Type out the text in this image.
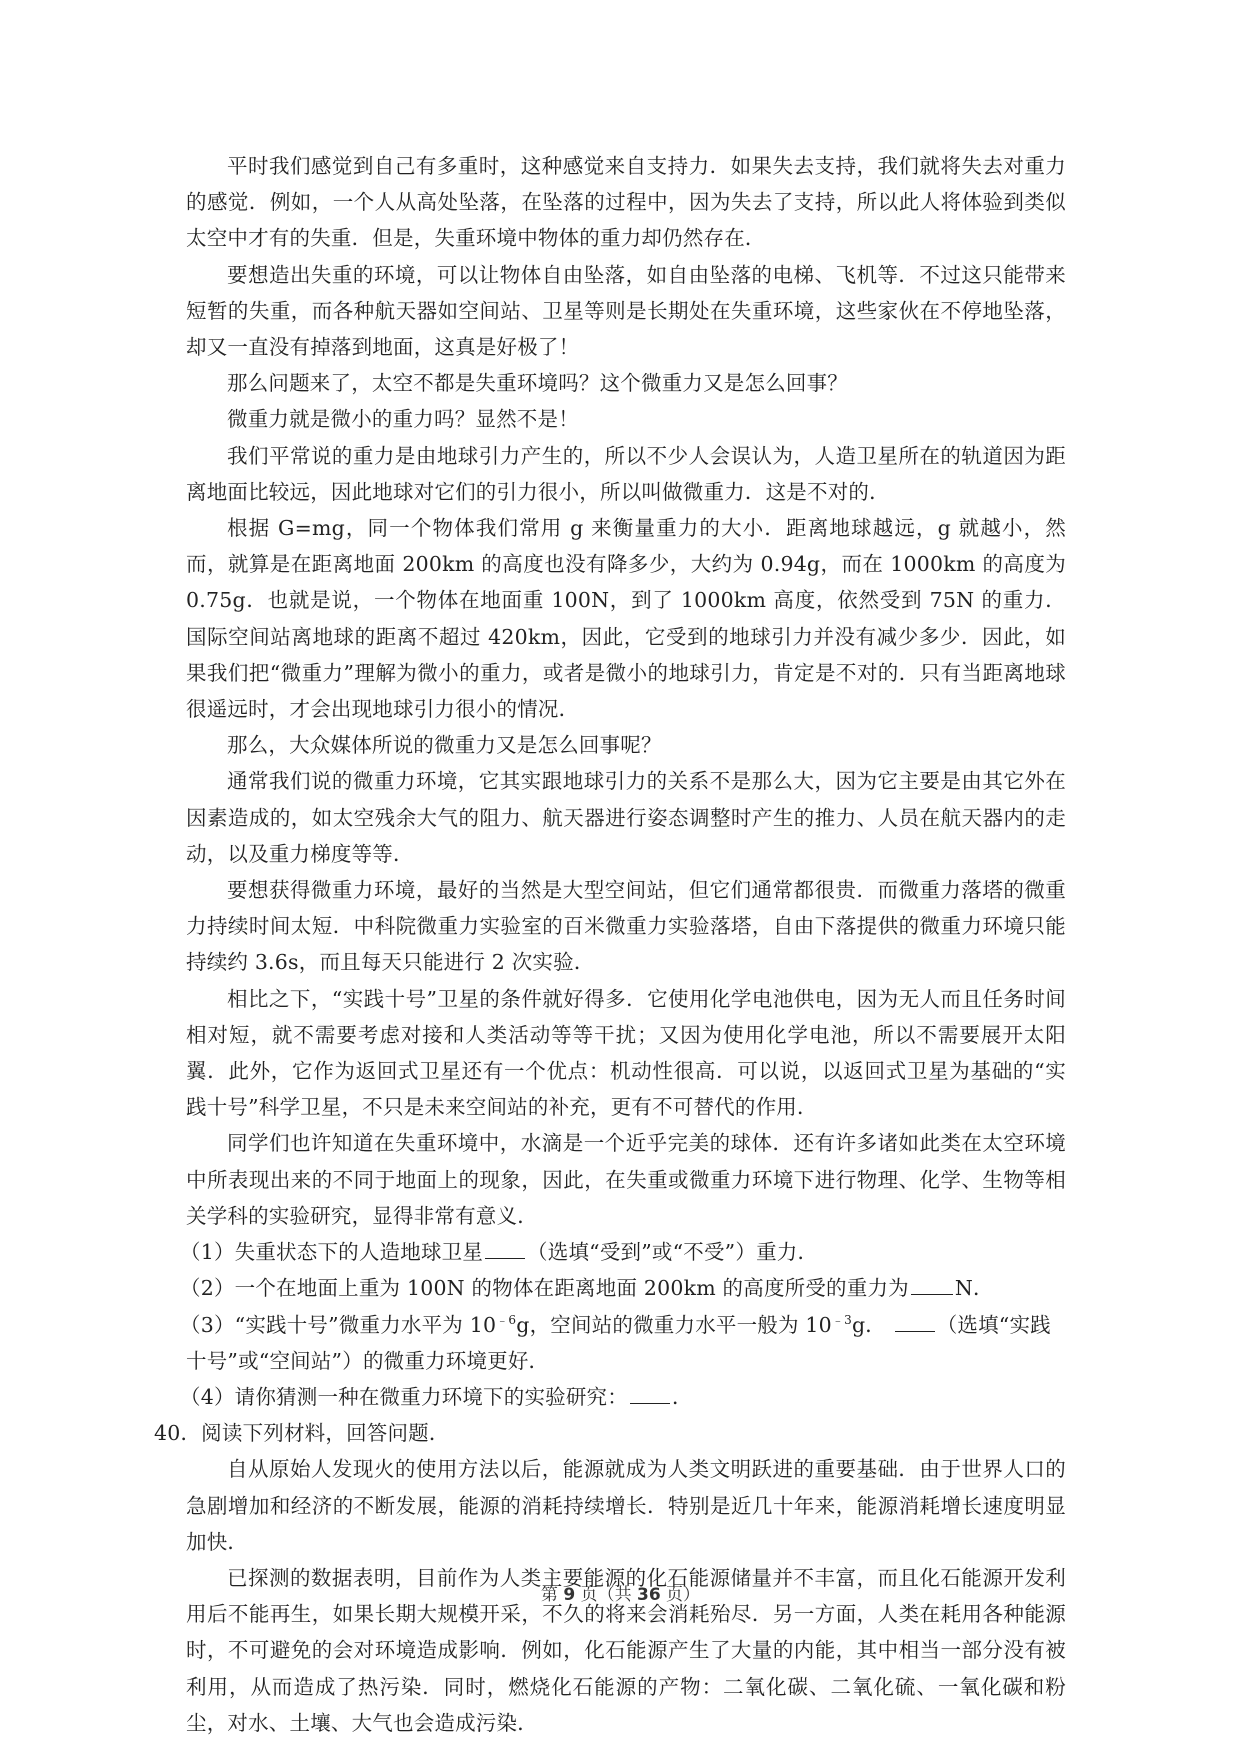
平时我们感觉到自己有多重时，这种感觉来自支持力．如果失去支持，我们就将失去对重力的感觉．例如，一个人从高处坠落，在坠落的过程中，因为失去了支持，所以此人将体验到类似太空中才有的失重．但是，失重环境中物体的重力却仍然存在．

要想造出失重的环境，可以让物体自由坠落，如自由坠落的电梯、飞机等．不过这只能带来短暂的失重，而各种航天器如空间站、卫星等则是长期处在失重环境，这些家伙在不停地坠落，却又一直没有掉落到地面，这真是好极了！

那么问题来了，太空不都是失重环境吗？这个微重力又是怎么回事？

微重力就是微小的重力吗？显然不是！

我们平常说的重力是由地球引力产生的，所以不少人会误认为，人造卫星所在的轨道因为距离地面比较远，因此地球对它们的引力很小，所以叫做微重力．这是不对的．

根据 G=mg，同一个物体我们常用 g 来衡量重力的大小．距离地球越远，g 就越小，然而，就算是在距离地面 200km 的高度也没有降多少，大约为 0.94g，而在 1000km 的高度为 0.75g．也就是说，一个物体在地面重 100N，到了 1000km 高度，依然受到 75N 的重力．国际空间站离地球的距离不超过 420km，因此，它受到的地球引力并没有减少多少．因此，如果我们把“微重力”理解为微小的重力，或者是微小的地球引力，肯定是不对的．只有当距离地球很遥远时，才会出现地球引力很小的情况．

那么，大众媒体所说的微重力又是怎么回事呢？

通常我们说的微重力环境，它其实跟地球引力的关系不是那么大，因为它主要是由其它外在因素造成的，如太空残余大气的阻力、航天器进行姿态调整时产生的推力、人员在航天器内的走动，以及重力梯度等等．

要想获得微重力环境，最好的当然是大型空间站，但它们通常都很贵．而微重力落塔的微重力持续时间太短．中科院微重力实验室的百米微重力实验落塔，自由下落提供的微重力环境只能持续约 3.6s，而且每天只能进行 2 次实验．

相比之下，“实践十号”卫星的条件就好得多．它使用化学电池供电，因为无人而且任务时间相对短，就不需要考虑对接和人类活动等等干扰；又因为使用化学电池，所以不需要展开太阳翼．此外，它作为返回式卫星还有一个优点：机动性很高．可以说，以返回式卫星为基础的“实践十号”科学卫星，不只是未来空间站的补充，更有不可替代的作用．

同学们也许知道在失重环境中，水滴是一个近乎完美的球体．还有许多诸如此类在太空环境中所表现出来的不同于地面上的现象，因此，在失重或微重力环境下进行物理、化学、生物等相关学科的实验研究，显得非常有意义．

（1）失重状态下的人造地球卫星 （选填“受到”或“不受”）重力．

（2）一个在地面上重为 100N 的物体在距离地面 200km 的高度所受的重力为 N．

（3）“实践十号”微重力水平为 $10^{﹣6}g$，空间站的微重力水平一般为 $10^{﹣3}g$． （选填“实践十号”或“空间站”）的微重力环境更好．

（4）请你猜测一种在微重力环境下的实验研究： ．

40．阅读下列材料，回答问题．

自从原始人发现火的使用方法以后，能源就成为人类文明跃进的重要基础．由于世界人口的急剧增加和经济的不断发展，能源的消耗持续增长．特别是近几十年来，能源消耗增长速度明显加快．

已探测的数据表明，目前作为人类主要能源的化石能源储量并不丰富，而且化石能源开发利用后不能再生，如果长期大规模开采，不久的将来会消耗殆尽．另一方面，人类在耗用各种能源时，不可避免的会对环境造成影响．例如，化石能源产生了大量的内能，其中相当一部分没有被利用，从而造成了热污染．同时，燃烧化石能源的产物：二氧化碳、二氧化硫、一氧化碳和粉尘，对水、土壤、大气也会造成污染．

第 9 页（共 36 页）
